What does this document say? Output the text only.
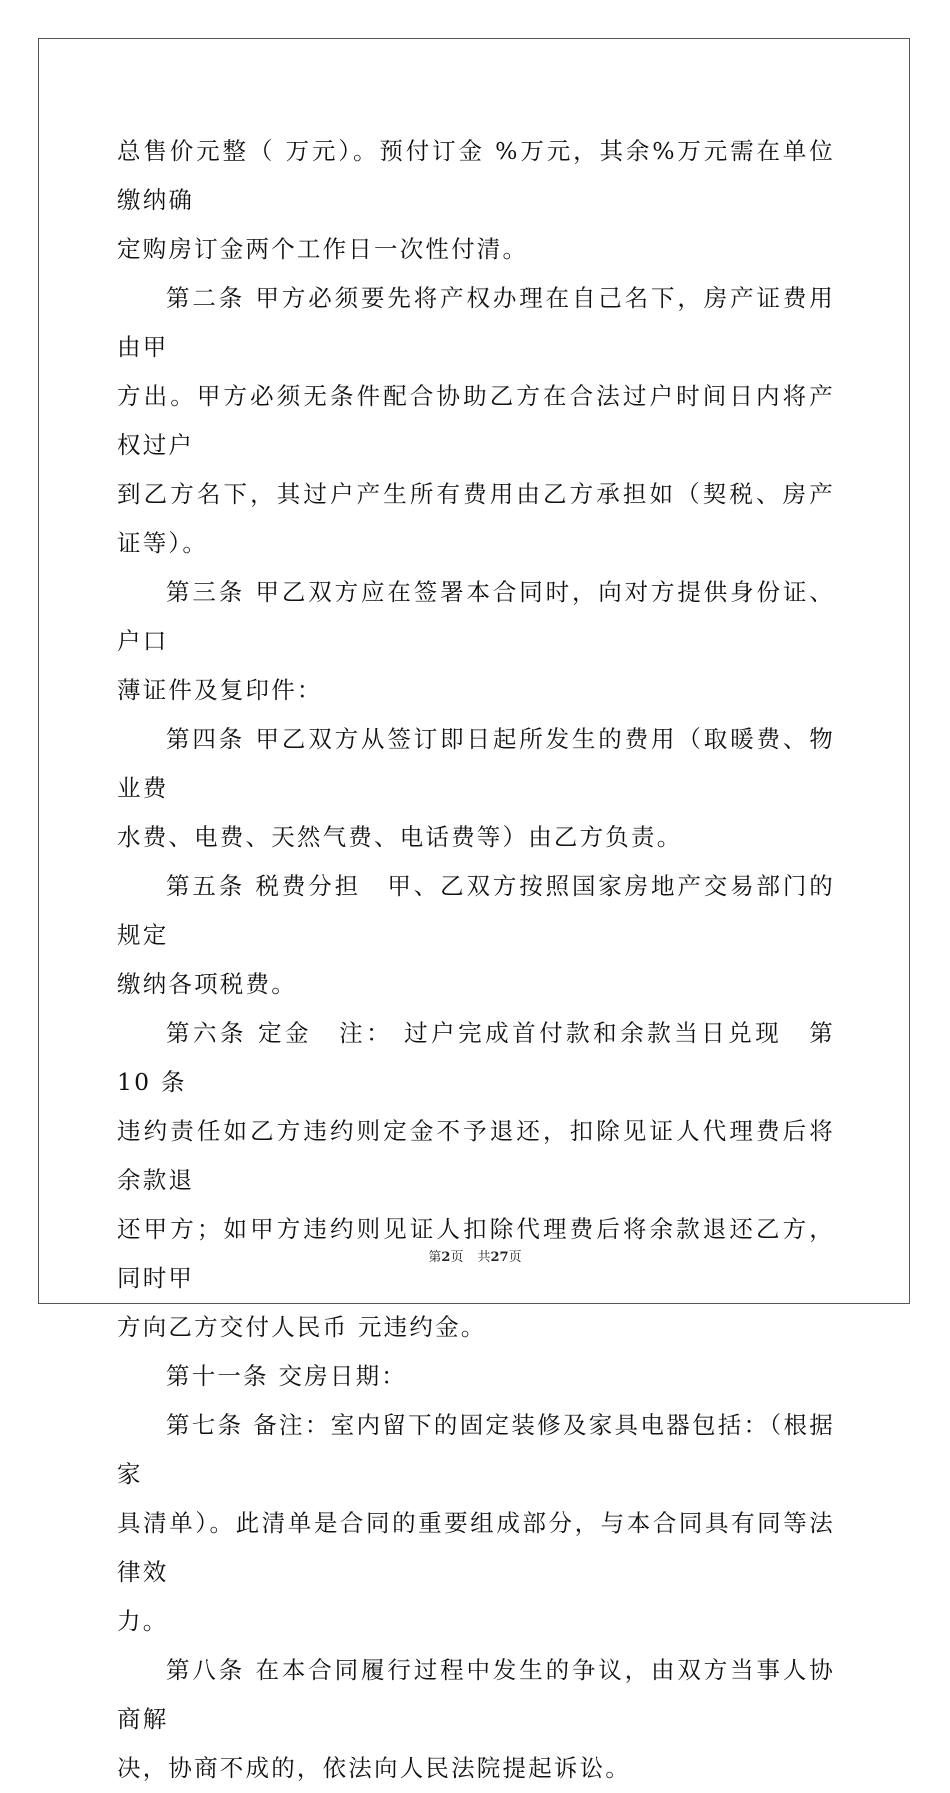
总售价元整（ 万元）。预付订金 %万元，其余%万元需在单位缴纳确

定购房订金两个工作日一次性付清。

第二条 甲方必须要先将产权办理在自己名下，房产证费用由甲

方出。甲方必须无条件配合协助乙方在合法过户时间日内将产权过户

到乙方名下，其过户产生所有费用由乙方承担如（契税、房产证等）。

第三条 甲乙双方应在签署本合同时，向对方提供身份证、户口

薄证件及复印件：

第四条 甲乙双方从签订即日起所发生的费用（取暖费、物业费

水费、电费、天然气费、电话费等）由乙方负责。

第五条 税费分担　甲、乙双方按照国家房地产交易部门的规定

缴纳各项税费。

第六条 定金　注： 过户完成首付款和余款当日兑现　第 10 条

违约责任如乙方违约则定金不予退还，扣除见证人代理费后将余款退

还甲方；如甲方违约则见证人扣除代理费后将余款退还乙方，同时甲

方向乙方交付人民币 元违约金。

第十一条 交房日期：

第七条 备注：室内留下的固定装修及家具电器包括：（根据家

具清单）。此清单是合同的重要组成部分，与本合同具有同等法律效

力。

第八条 在本合同履行过程中发生的争议，由双方当事人协商解

决，协商不成的，依法向人民法院提起诉讼。

第2页 共27页
